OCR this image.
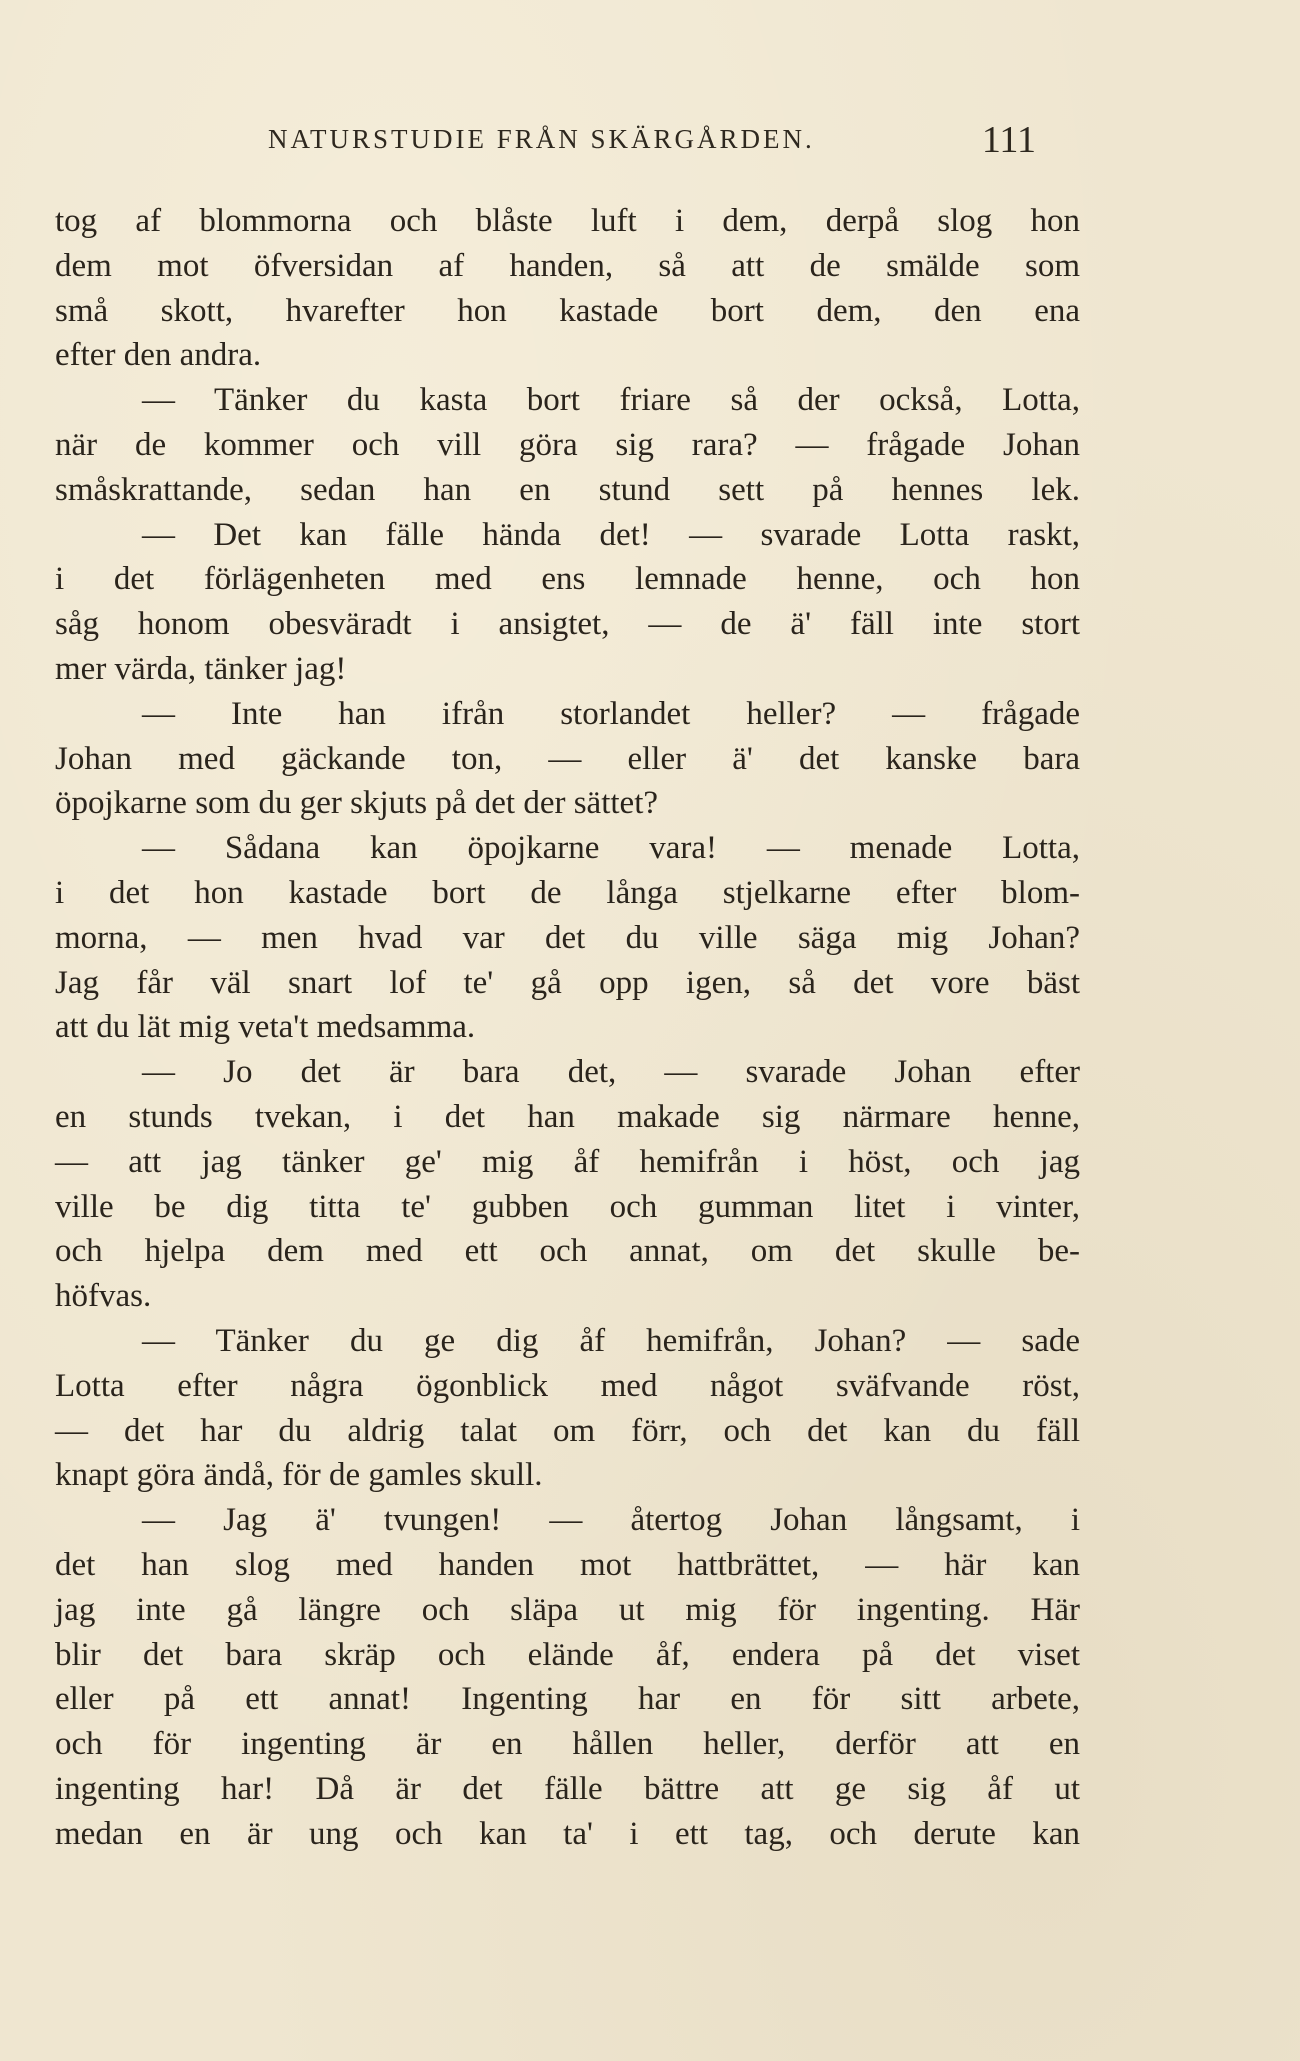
NATURSTUDIE FRÅN SKÄRGÅRDEN.	111
tog af blommorna och blåste luft i dem, derpå slog hon
dem mot öfversidan af handen, så att de smälde som
små skott, hvarefter hon kastade bort dem, den ena
efter den andra.
— Tänker du kasta bort friare så der också, Lotta,
när de kommer och vill göra sig rara? — frågade Johan
småskrattande, sedan han en stund sett på hennes lek.
— Det kan fälle hända det! — svarade Lotta raskt,
i det förlägenheten med ens lemnade henne, och hon
såg honom obesväradt i ansigtet, — de ä' fäll inte stort
mer värda, tänker jag!
— Inte han ifrån storlandet heller? — frågade
Johan med gäckande ton, — eller ä' det kanske bara
öpojkarne som du ger skjuts på det der sättet?
— Sådana kan öpojkarne vara! — menade Lotta,
i det hon kastade bort de långa stjelkarne efter blom-
morna, — men hvad var det du ville säga mig Johan?
Jag får väl snart lof te' gå opp igen, så det vore bäst
att du lät mig veta't medsamma.
— Jo det är bara det, — svarade Johan efter
en stunds tvekan, i det han makade sig närmare henne,
— att jag tänker ge' mig åf hemifrån i höst, och jag
ville be dig titta te' gubben och gumman litet i vinter,
och hjelpa dem med ett och annat, om det skulle be-
höfvas.
— Tänker du ge dig åf hemifrån, Johan? — sade
Lotta efter några ögonblick med något sväfvande röst,
— det har du aldrig talat om förr, och det kan du fäll
knapt göra ändå, för de gamles skull.
— Jag ä' tvungen! — återtog Johan långsamt, i
det han slog med handen mot hattbrättet, — här kan
jag inte gå längre och släpa ut mig för ingenting. Här
blir det bara skräp och elände åf, endera på det viset
eller på ett annat! Ingenting har en för sitt arbete,
och för ingenting är en hållen heller, derför att en
ingenting har! Då är det fälle bättre att ge sig åf ut
medan en är ung och kan ta' i ett tag, och derute kan
